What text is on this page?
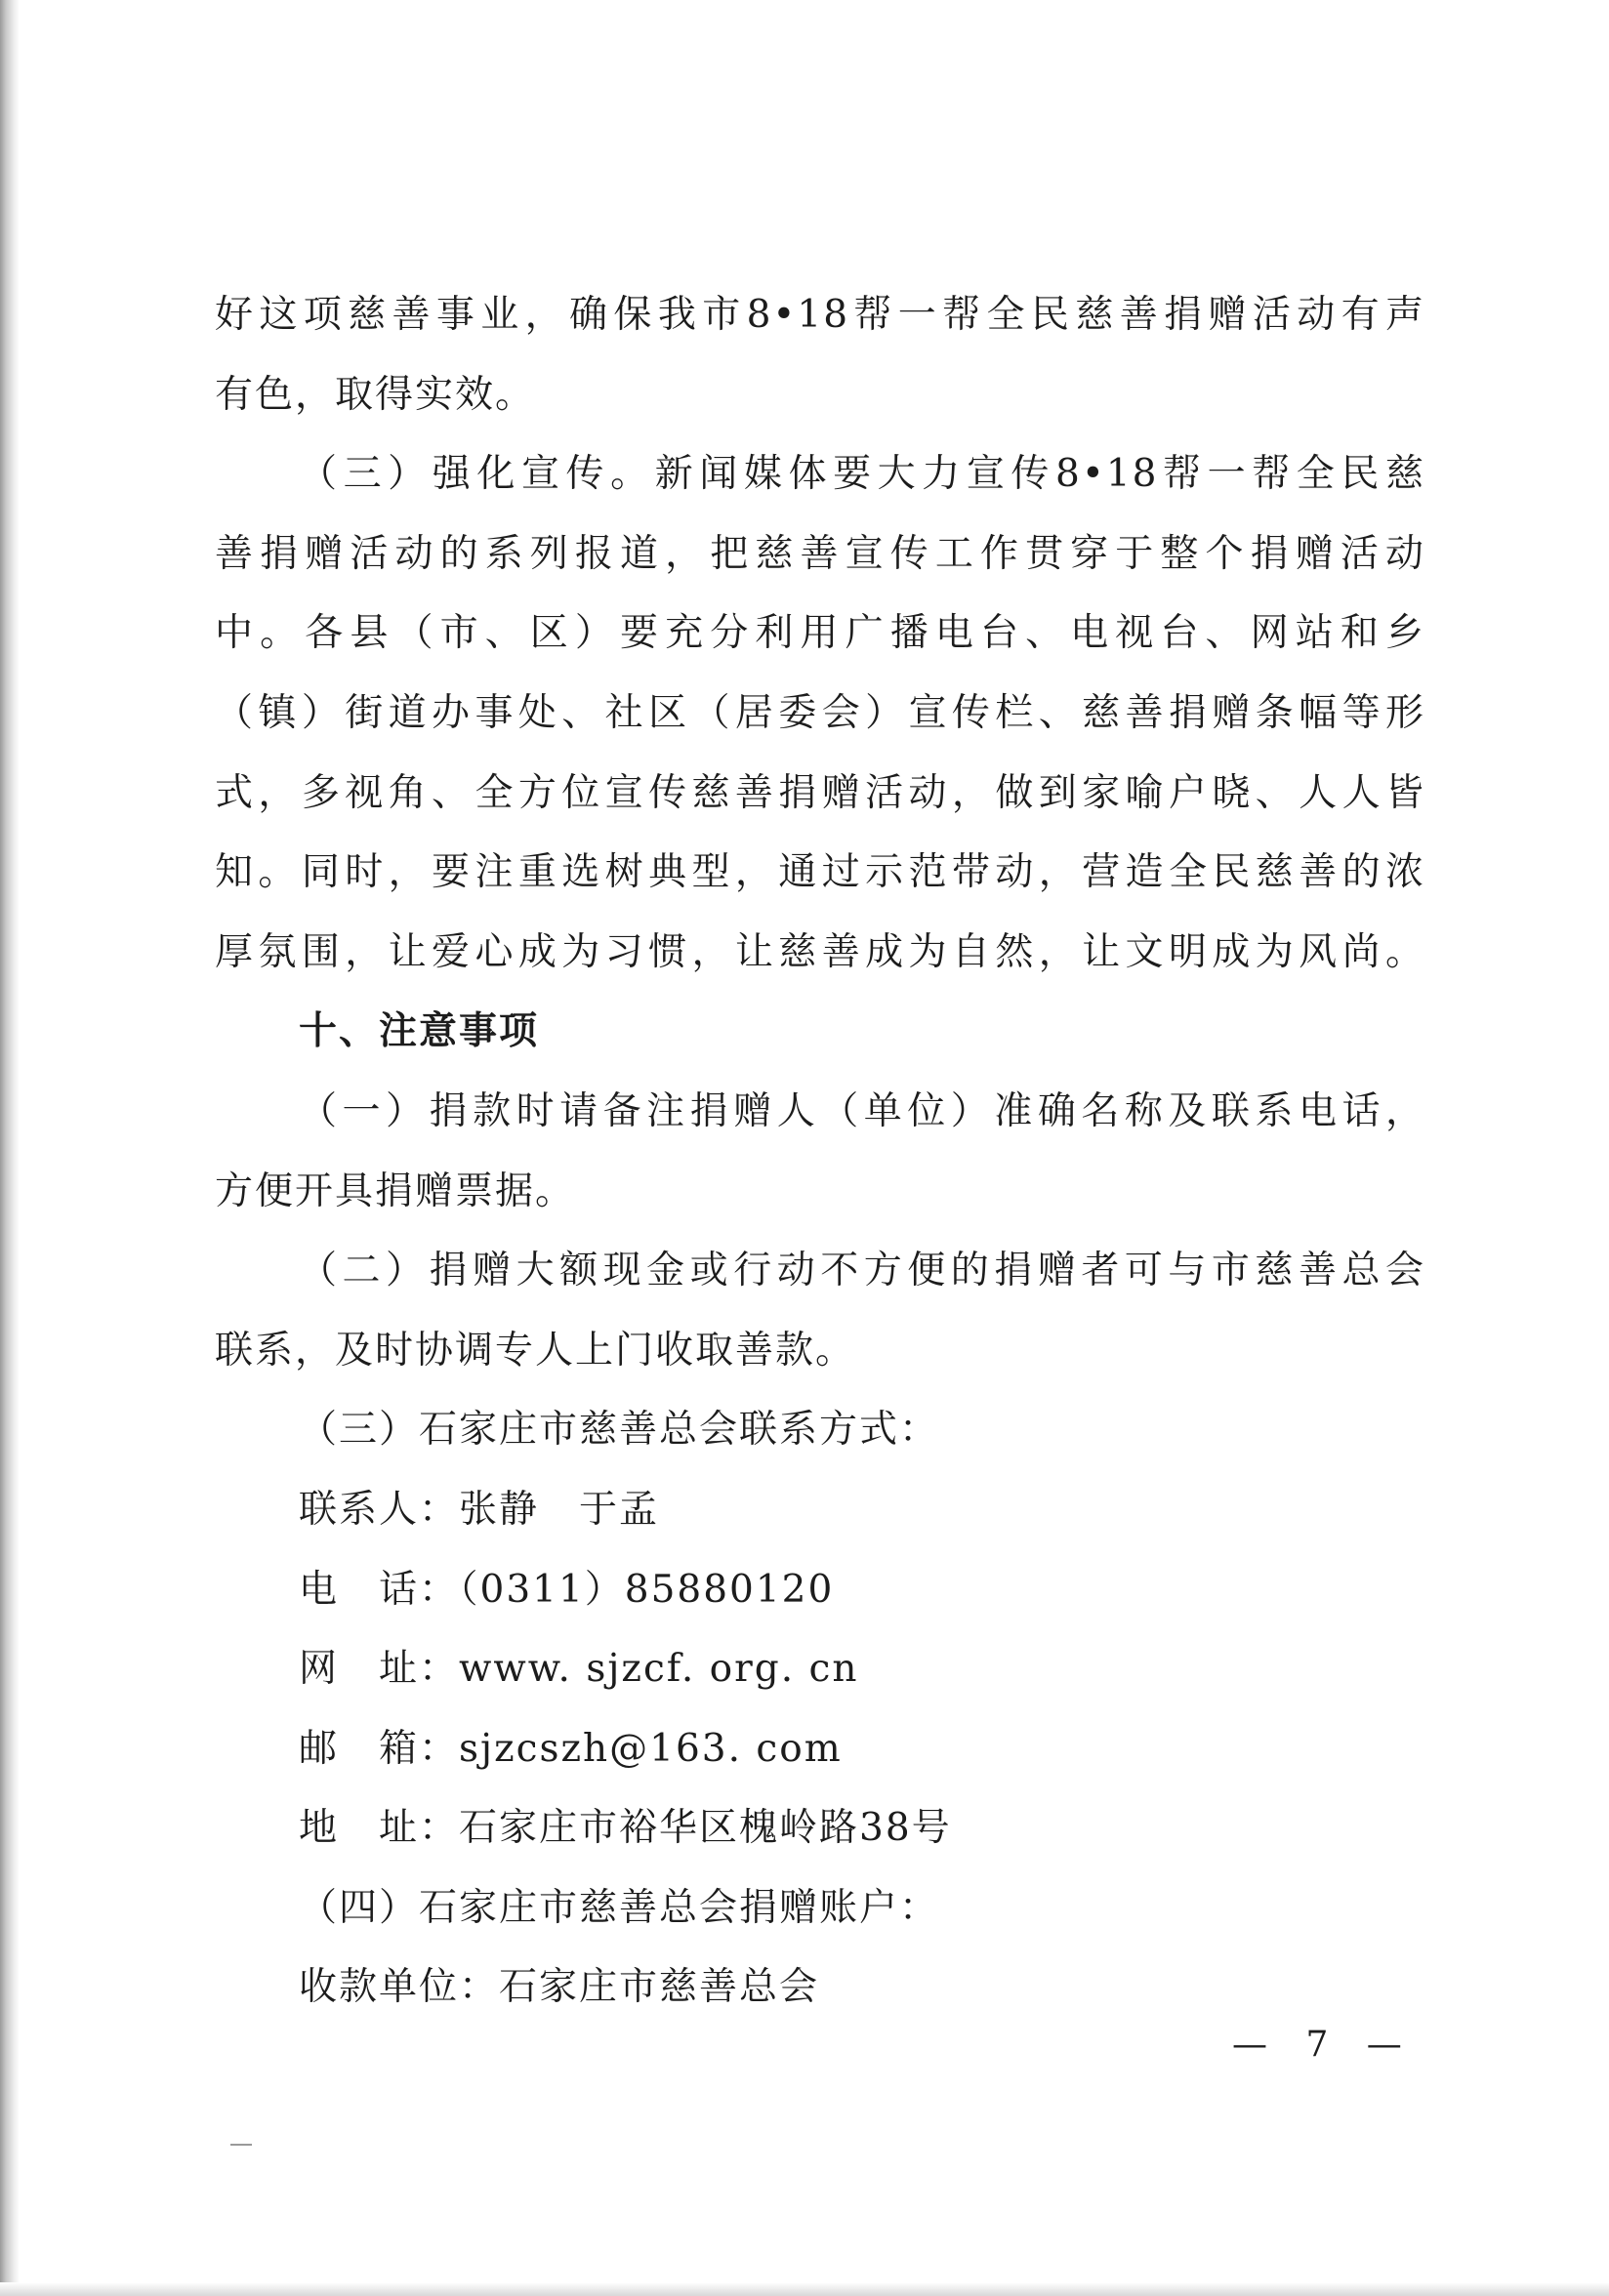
好这项慈善事业，确保我市8•18帮一帮全民慈善捐赠活动有声
有色，取得实效。
（三）强化宣传。新闻媒体要大力宣传8•18帮一帮全民慈
善捐赠活动的系列报道，把慈善宣传工作贯穿于整个捐赠活动
中。各县（市、区）要充分利用广播电台、电视台、网站和乡
（镇）街道办事处、社区（居委会）宣传栏、慈善捐赠条幅等形
式，多视角、全方位宣传慈善捐赠活动，做到家喻户晓、人人皆
知。同时，要注重选树典型，通过示范带动，营造全民慈善的浓
厚氛围，让爱心成为习惯，让慈善成为自然，让文明成为风尚。
十、注意事项
（一）捐款时请备注捐赠人（单位）准确名称及联系电话，
方便开具捐赠票据。
（二）捐赠大额现金或行动不方便的捐赠者可与市慈善总会
联系，及时协调专人上门收取善款。
（三）石家庄市慈善总会联系方式：
联系人：张静　于孟
电　话：（0311）85880120
网　址：www. sjzcf. org. cn
邮　箱：sjzcszh@163. com
地　址：石家庄市裕华区槐岭路38号
（四）石家庄市慈善总会捐赠账户：
收款单位：石家庄市慈善总会
— 7 —
